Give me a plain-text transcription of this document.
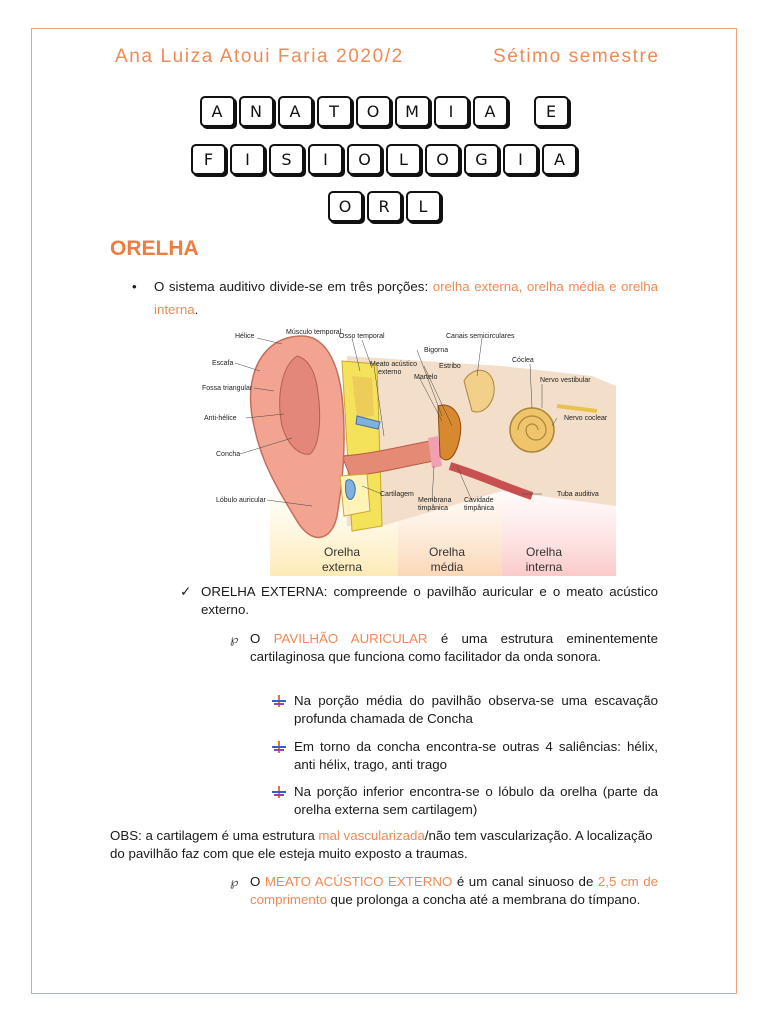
Ana Luiza Atoui Faria 2020/2	Sétimo semestre
A	N	A	T	O	M	I	A	E
F	I	S	I	O	L	O	G	I	A
O	R	L
ORELHA
• O sistema auditivo divide-se em três porções: orelha externa, orelha média e orelha interna.
Hélice
Escafa
Fossa triangular
Anti-hélice
Concha
Lóbulo auricular
Músculo temporal
Osso temporal
Meato acústico
externo
Bigorna
Martelo
Estribo
Canais semicirculares
Cóclea
Nervo vestibular
Nervo coclear
Tuba auditiva
Cartilagem
Membrana
timpânica
Cavidade
timpânica
Orelha
externa
Orelha
média
Orelha
interna
✓ ORELHA EXTERNA: compreende o pavilhão auricular e o meato acústico externo.
℘ O PAVILHÃO AURICULAR é uma estrutura eminentemente cartilaginosa que funciona como facilitador da onda sonora.
Na porção média do pavilhão observa-se uma escavação profunda chamada de Concha
Em torno da concha encontra-se outras 4 saliências: hélix, anti hélix, trago, anti trago
Na porção inferior encontra-se o lóbulo da orelha (parte da orelha externa sem cartilagem)
OBS: a cartilagem é uma estrutura mal vascularizada/não tem vascularização. A localização do pavilhão faz com que ele esteja muito exposto a traumas.
℘ O MEATO ACÚSTICO EXTERNO é um canal sinuoso de 2,5 cm de comprimento que prolonga a concha até a membrana do tímpano.
